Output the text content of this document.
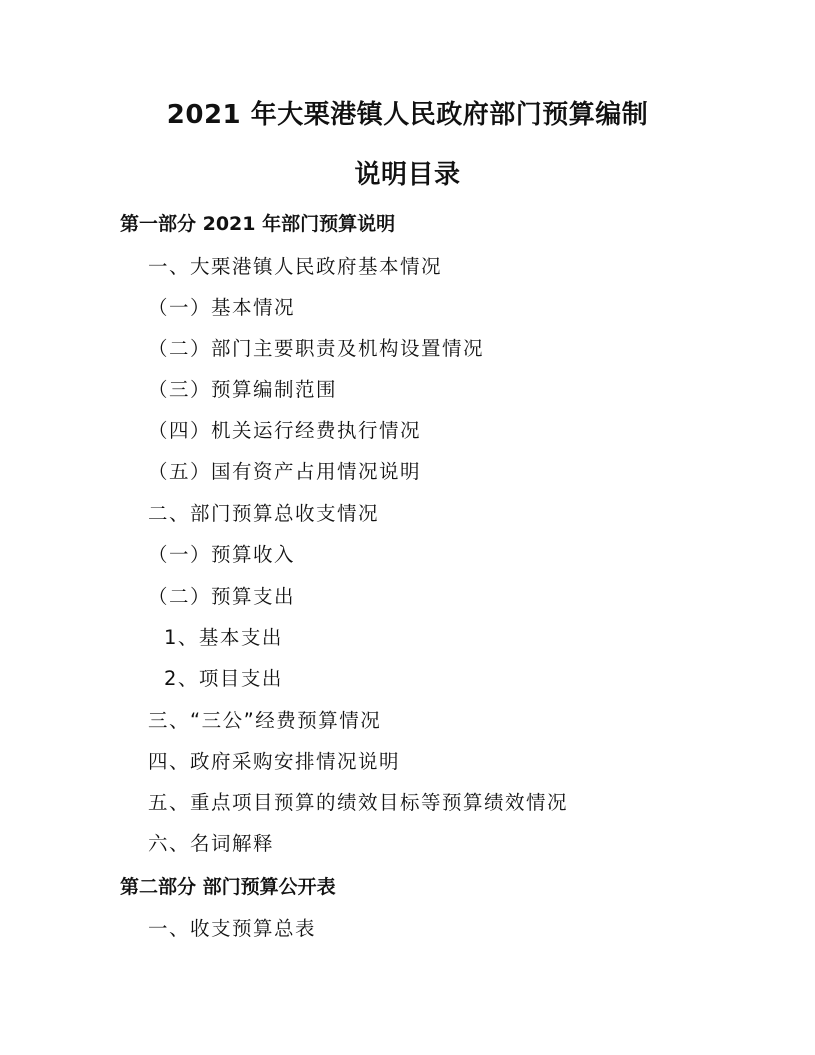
2021 年大栗港镇人民政府部门预算编制
说明目录
第一部分 2021 年部门预算说明
一、大栗港镇人民政府基本情况
（一）基本情况
（二）部门主要职责及机构设置情况
（三）预算编制范围
（四）机关运行经费执行情况
（五）国有资产占用情况说明
二、部门预算总收支情况
（一）预算收入
（二）预算支出
1、基本支出
2、项目支出
三、“三公”经费预算情况
四、政府采购安排情况说明
五、重点项目预算的绩效目标等预算绩效情况
六、名词解释
第二部分 部门预算公开表
一、收支预算总表
